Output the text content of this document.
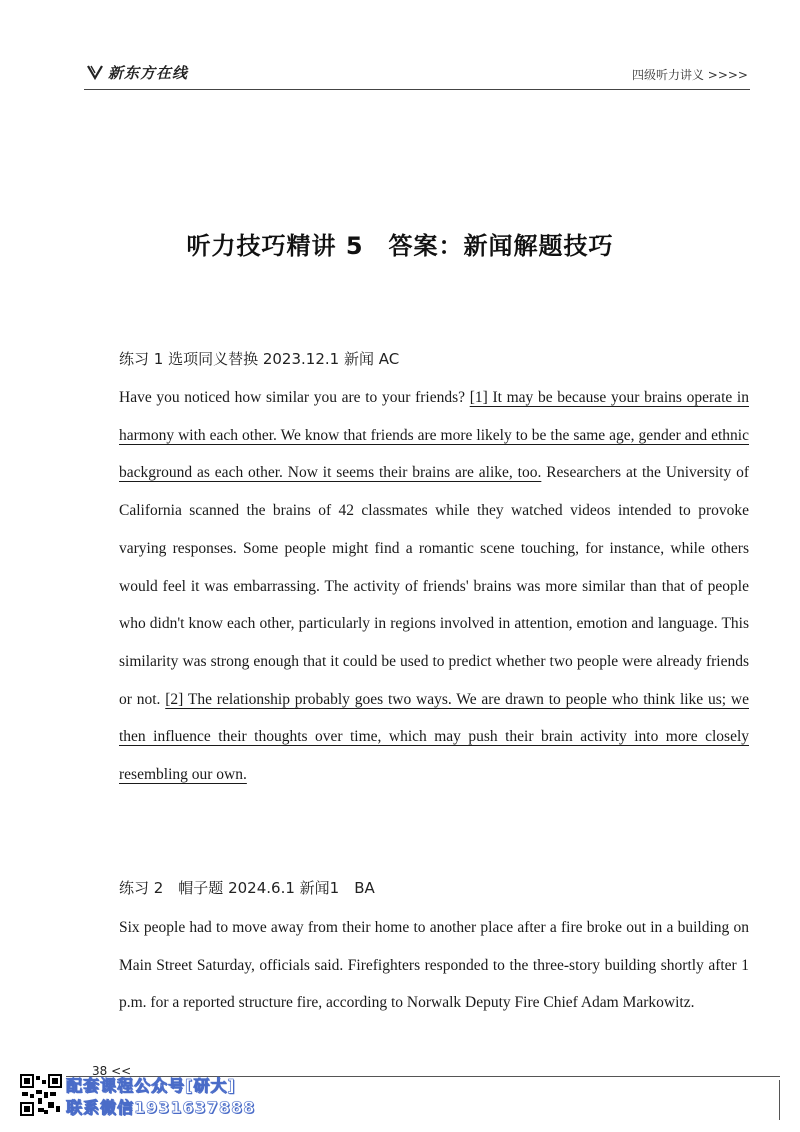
新东方在线	四级听力讲义 >>>>
听力技巧精讲 5　答案：新闻解题技巧
练习 1 选项同义替换 2023.12.1 新闻 AC

Have you noticed how similar you are to your friends? [1] It may be because your brains operate in harmony with each other. We know that friends are more likely to be the same age, gender and ethnic background as each other. Now it seems their brains are alike, too. Researchers at the University of California scanned the brains of 42 classmates while they watched videos intended to provoke varying responses. Some people might find a romantic scene touching, for instance, while others would feel it was embarrassing. The activity of friends' brains was more similar than that of people who didn't know each other, particularly in regions involved in attention, emotion and language. This similarity was strong enough that it could be used to predict whether two people were already friends or not. [2] The relationship probably goes two ways. We are drawn to people who think like us; we then influence their thoughts over time, which may push their brain activity into more closely resembling our own.

练习 2　帽子题 2024.6.1 新闻1　BA

Six people had to move away from their home to another place after a fire broke out in a building on Main Street Saturday, officials said. Firefighters responded to the three-story building shortly after 1 p.m. for a reported structure fire, according to Norwalk Deputy Fire Chief Adam Markowitz.

38 <<
配套课程公众号[研大]
联系微信1931637888
